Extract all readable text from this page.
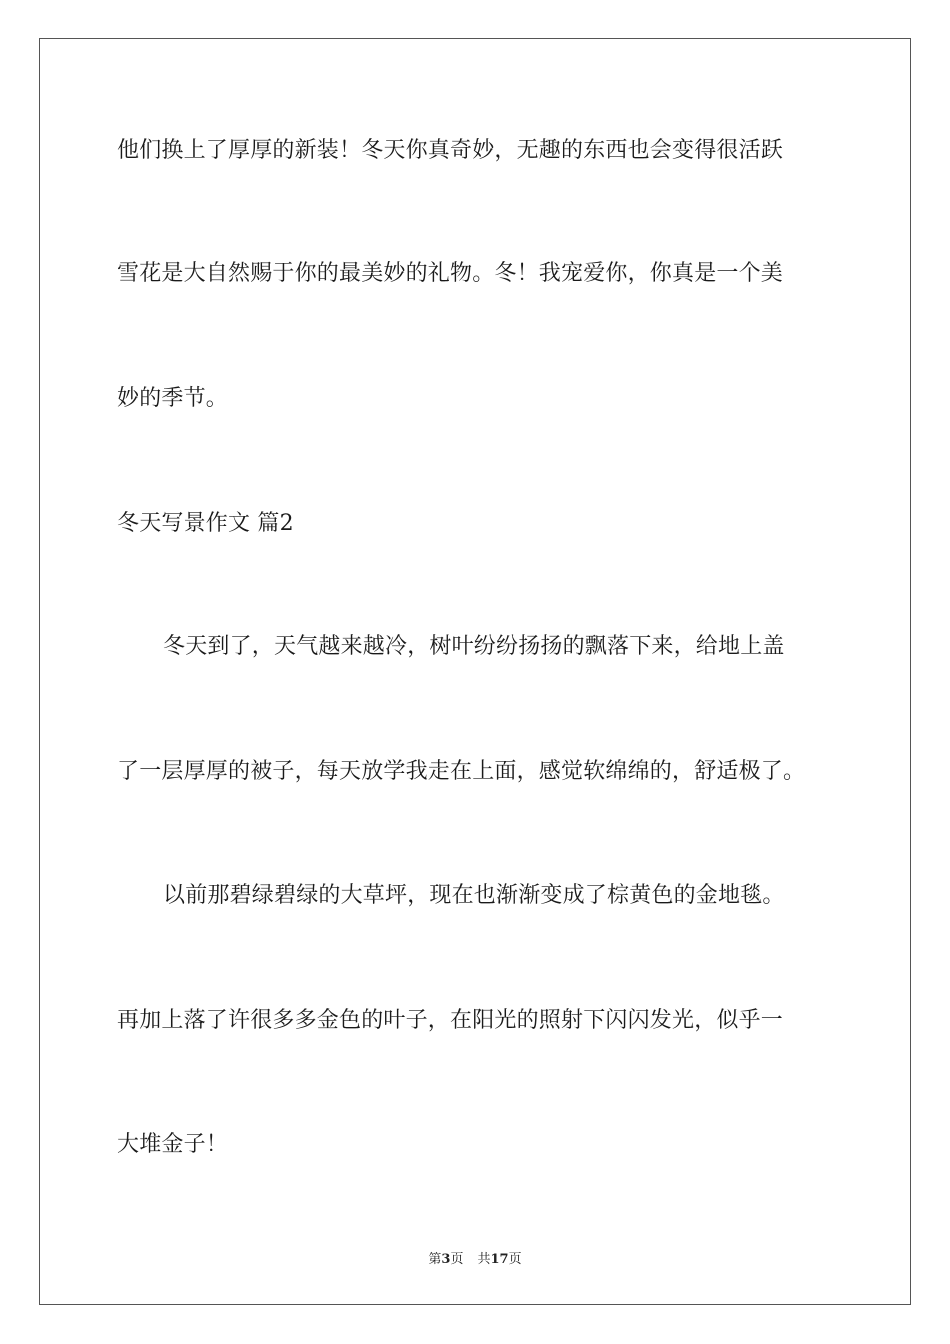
他们换上了厚厚的新装！冬天你真奇妙，无趣的东西也会变得很活跃
雪花是大自然赐于你的最美妙的礼物。冬！我宠爱你，你真是一个美
妙的季节。
冬天写景作文 篇2
冬天到了，天气越来越冷，树叶纷纷扬扬的飘落下来，给地上盖
了一层厚厚的被子，每天放学我走在上面，感觉软绵绵的，舒适极了。
以前那碧绿碧绿的大草坪，现在也渐渐变成了棕黄色的金地毯。
再加上落了许很多多金色的叶子，在阳光的照射下闪闪发光，似乎一
大堆金子！
第3页 共17页
